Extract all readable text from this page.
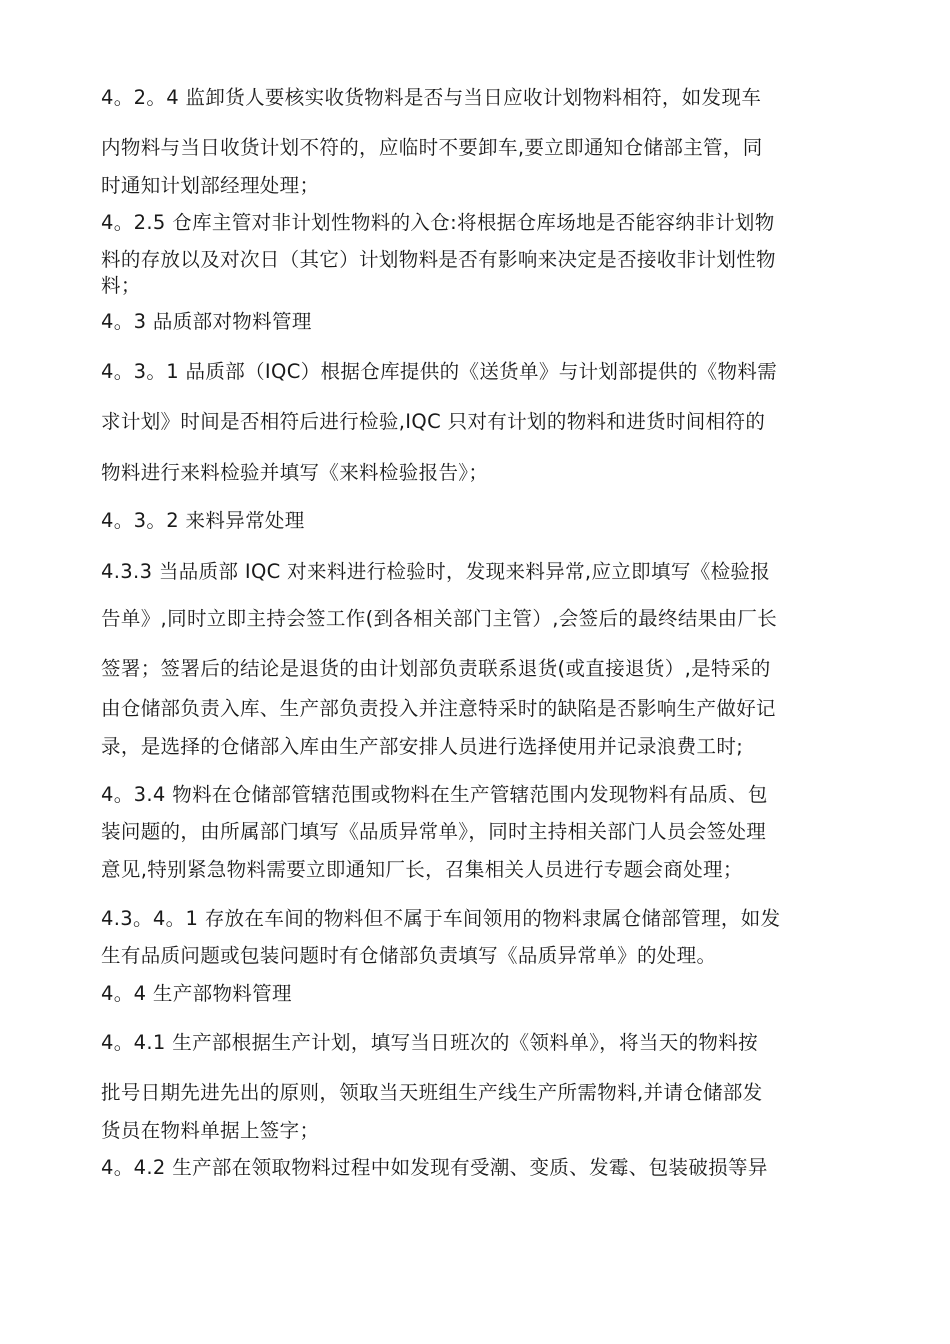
4。2。4 监卸货人要核实收货物料是否与当日应收计划物料相符，如发现车
内物料与当日收货计划不符的，应临时不要卸车,要立即通知仓储部主管，同
时通知计划部经理处理；
4。2.5 仓库主管对非计划性物料的入仓:将根据仓库场地是否能容纳非计划物
料的存放以及对次日（其它）计划物料是否有影响来决定是否接收非计划性物
料；
4。3 品质部对物料管理
4。3。1 品质部（IQC）根据仓库提供的《送货单》与计划部提供的《物料需
求计划》时间是否相符后进行检验,IQC 只对有计划的物料和进货时间相符的
物料进行来料检验并填写《来料检验报告》；
4。3。2 来料异常处理
4.3.3 当品质部 IQC 对来料进行检验时，发现来料异常,应立即填写《检验报
告单》,同时立即主持会签工作(到各相关部门主管）,会签后的最终结果由厂长
签署；签署后的结论是退货的由计划部负责联系退货(或直接退货）,是特采的
由仓储部负责入库、生产部负责投入并注意特采时的缺陷是否影响生产做好记
录，是选择的仓储部入库由生产部安排人员进行选择使用并记录浪费工时;
4。3.4 物料在仓储部管辖范围或物料在生产管辖范围内发现物料有品质、包
装问题的，由所属部门填写《品质异常单》，同时主持相关部门人员会签处理
意见,特别紧急物料需要立即通知厂长，召集相关人员进行专题会商处理；
4.3。4。1 存放在车间的物料但不属于车间领用的物料隶属仓储部管理，如发
生有品质问题或包装问题时有仓储部负责填写《品质异常单》的处理。
4。4 生产部物料管理
4。4.1 生产部根据生产计划，填写当日班次的《领料单》，将当天的物料按
批号日期先进先出的原则，领取当天班组生产线生产所需物料,并请仓储部发
货员在物料单据上签字；
4。4.2 生产部在领取物料过程中如发现有受潮、变质、发霉、包装破损等异
